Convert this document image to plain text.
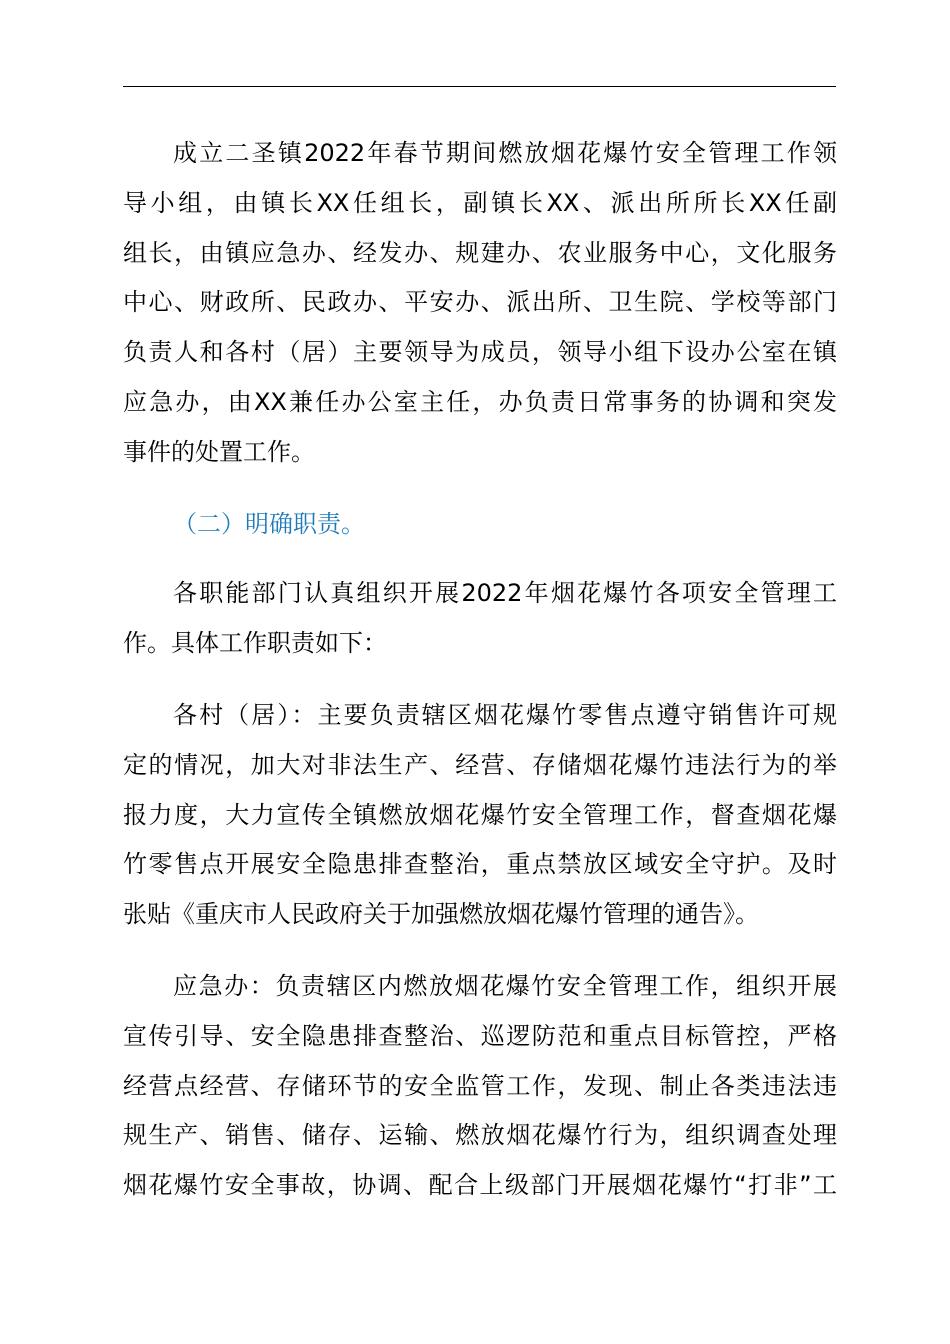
成立二圣镇2022年春节期间燃放烟花爆竹安全管理工作领
导小组，由镇长XX任组长，副镇长XX、派出所所长XX任副
组长，由镇应急办、经发办、规建办、农业服务中心，文化服务
中心、财政所、民政办、平安办、派出所、卫生院、学校等部门
负责人和各村（居）主要领导为成员，领导小组下设办公室在镇
应急办，由XX兼任办公室主任，办负责日常事务的协调和突发
事件的处置工作。
（二）明确职责。
各职能部门认真组织开展2022年烟花爆竹各项安全管理工
作。具体工作职责如下：
各村（居）：主要负责辖区烟花爆竹零售点遵守销售许可规
定的情况，加大对非法生产、经营、存储烟花爆竹违法行为的举
报力度，大力宣传全镇燃放烟花爆竹安全管理工作，督查烟花爆
竹零售点开展安全隐患排查整治，重点禁放区域安全守护。及时
张贴《重庆市人民政府关于加强燃放烟花爆竹管理的通告》。
应急办：负责辖区内燃放烟花爆竹安全管理工作，组织开展
宣传引导、安全隐患排查整治、巡逻防范和重点目标管控，严格
经营点经营、存储环节的安全监管工作，发现、制止各类违法违
规生产、销售、储存、运输、燃放烟花爆竹行为，组织调查处理
烟花爆竹安全事故，协调、配合上级部门开展烟花爆竹“打非”工
